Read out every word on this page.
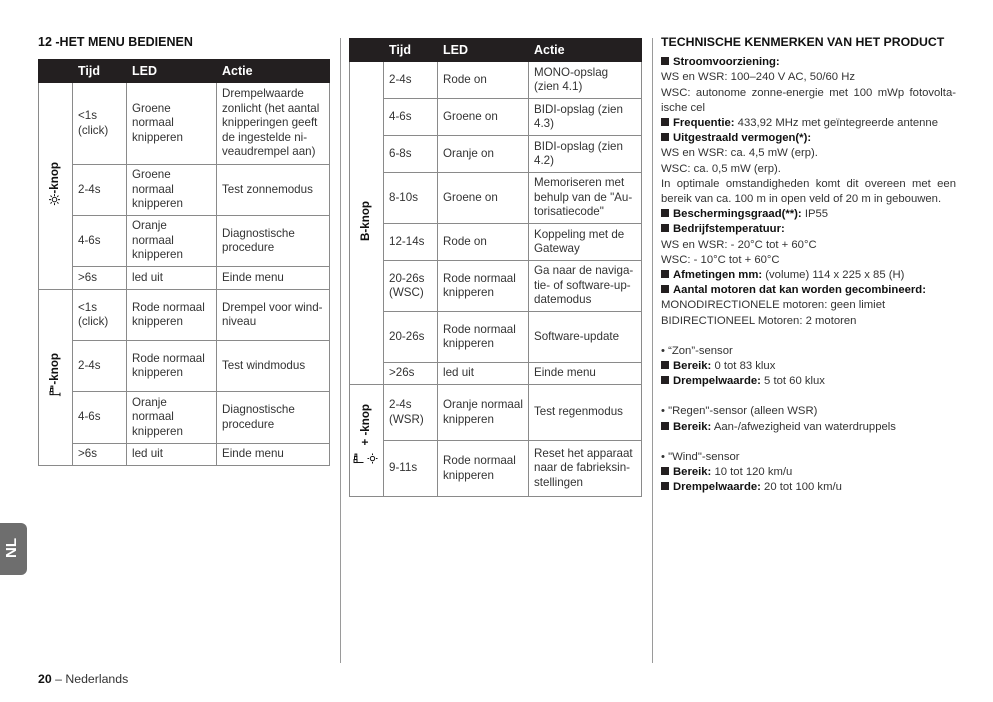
12 -HET MENU BEDIENEN
	Tijd	LED	Actie
-knop	<1s (click)	Groene normaal knipperen	Drempelwaarde zonlicht (het aantal knipperingen geeft de ingestelde ni-veaudrempel aan)
	2-4s	Groene normaal knipperen	Test zonnemodus
	4-6s	Oranje normaal knipperen	Diagnostische procedure
	>6s	led uit	Einde menu
-knop	<1s (click)	Rode normaal knipperen	Drempel voor wind-niveau
	2-4s	Rode normaal knipperen	Test windmodus
	4-6s	Oranje normaal knipperen	Diagnostische procedure
	>6s	led uit	Einde menu
	Tijd	LED	Actie
B-knop	2-4s	Rode on	MONO-opslag (zien 4.1)
	4-6s	Groene on	BIDI-opslag (zien 4.3)
	6-8s	Oranje on	BIDI-opslag (zien 4.2)
	8-10s	Groene on	Memoriseren met behulp van de "Au-torisatiecode"
	12-14s	Rode on	Koppeling met de Gateway
	20-26s (WSC)	Rode normaal knipperen	Ga naar de naviga-tie- of software-up-datemodus
	20-26s	Rode normaal knipperen	Software-update
	>26s	led uit	Einde menu
+ -knop	2-4s (WSR)	Oranje normaal knipperen	Test regenmodus
	9-11s	Rode normaal knipperen	Reset het apparaat naar de fabrieksin-stellingen
TECHNISCHE KENMERKEN VAN HET PRODUCT

Stroomvoorziening:

WS en WSR: 100–240 V AC, 50/60 Hz

WSC: autonome zonne-energie met 100 mWp fotovolta-ische cel

Frequentie: 433,92 MHz met geïntegreerde antenne

Uitgestraald vermogen(*):

WS en WSR: ca. 4,5 mW (erp).

WSC: ca. 0,5 mW (erp).

In optimale omstandigheden komt dit overeen met een bereik van ca. 100 m in open veld of 20 m in gebouwen.

Beschermingsgraad(**): IP55

Bedrijfstemperatuur:

WS en WSR: - 20°C tot + 60°C

WSC: - 10°C tot + 60°C

Afmetingen mm: (volume) 114 x 225 x 85 (H)

Aantal motoren dat kan worden gecombineerd:

MONODIRECTIONELE motoren: geen limiet

BIDIRECTIONEEL Motoren: 2 motoren

• “Zon”-sensor

Bereik: 0 tot 83 klux

Drempelwaarde: 5 tot 60 klux

• "Regen"-sensor (alleen WSR)

Bereik: Aan-/afwezigheid van waterdruppels

• "Wind"-sensor

Bereik: 10 tot 120 km/u

Drempelwaarde: 20 tot 100 km/u

NL
20 – Nederlands
